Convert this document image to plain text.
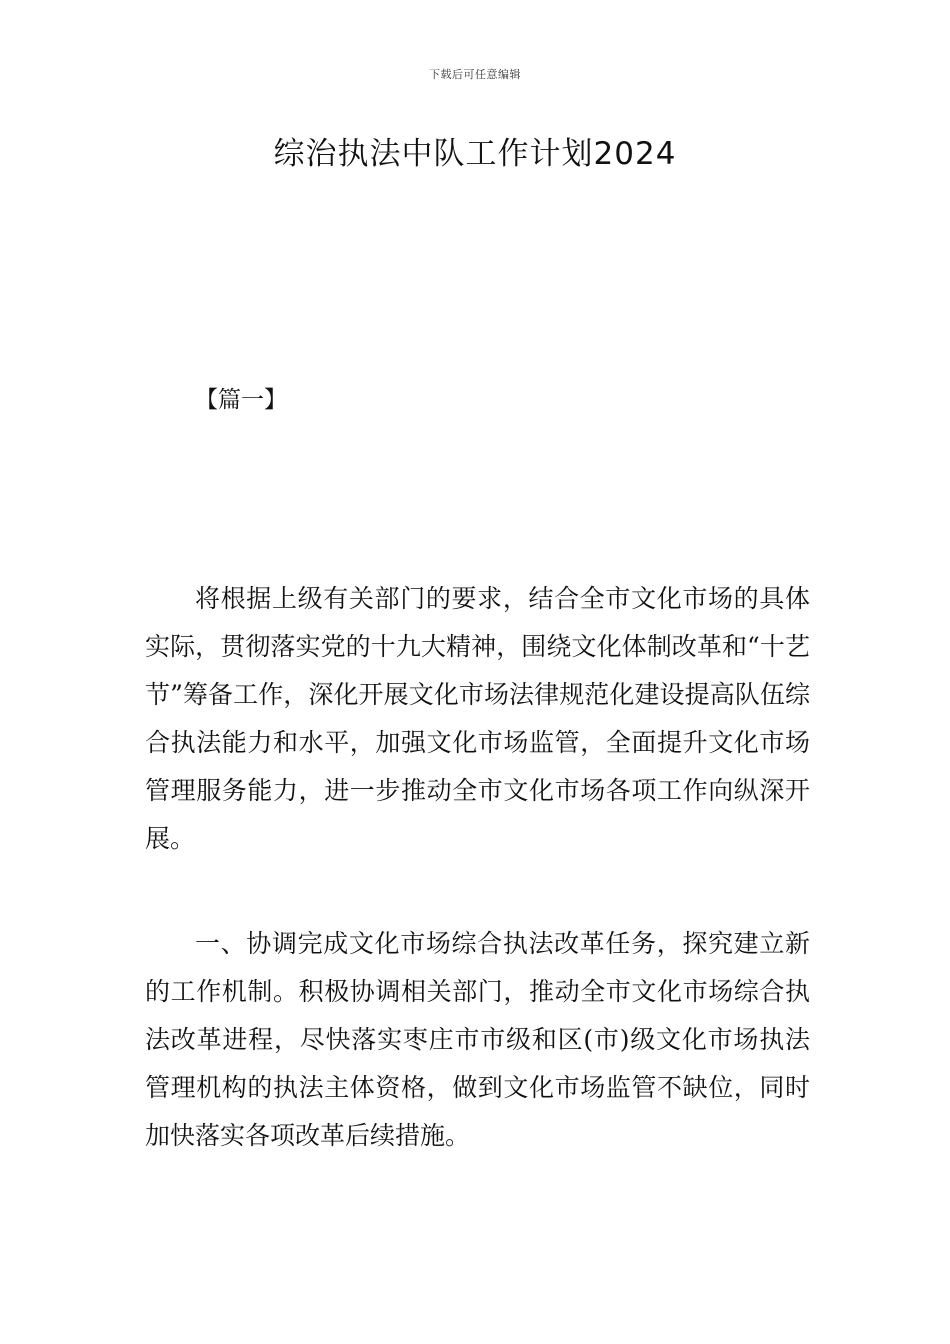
下载后可任意编辑
综治执法中队工作计划2024
【篇一】

将根据上级有关部门的要求，结合全市文化市场的具体实际，贯彻落实党的十九大精神，围绕文化体制改革和“十艺节”筹备工作，深化开展文化市场法律规范化建设提高队伍综合执法能力和水平，加强文化市场监管，全面提升文化市场管理服务能力，进一步推动全市文化市场各项工作向纵深开展。

一、协调完成文化市场综合执法改革任务，探究建立新的工作机制。积极协调相关部门，推动全市文化市场综合执法改革进程，尽快落实枣庄市市级和区(市)级文化市场执法管理机构的执法主体资格，做到文化市场监管不缺位，同时加快落实各项改革后续措施。
